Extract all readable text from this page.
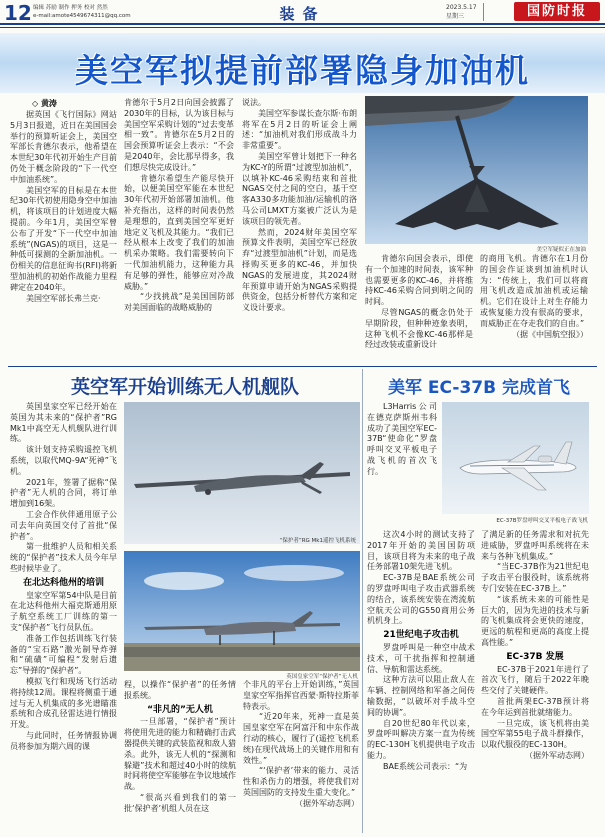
12 编辑 苏励 制作 押务 校对 然然
e-mail:amote4549674311@qq.com	装备	2023.5.17
星期三	国防时报
美空军拟提前部署隐身加油机
◇ 黄涛

据英国《飞行国际》网站5月3日报道，近日在美国国会举行的预算听证会上，美国空军部长肯德尔表示，他希望在本世纪30年代初开始生产目前仍处于概念阶段的“下一代空中加油系统”。

美国空军的目标是在本世纪30年代初使用隐身空中加油机，将该项目的计划进度大幅提前。今年1月，美国空军曾公布了开发“下一代空中加油系统”(NGAS)的项目，这是一种低可探测的全新加油机。一份相关的信息征询书(RFI)将新型加油机的初始作战能力里程碑定在2040年。

美国空军部长弗兰克·

肯德尔于5月2日向国会披露了2030年的目标，认为该目标与美国空军采购计划的“过去变革相一致”。肯德尔在5月2日的国会预算听证会上表示：“不会是2040年，会比那早得多，我们想尽快完成设计。”

肯德尔希望生产能尽快开始，以便美国空军能在本世纪30年代初开始部署加油机。他补充指出，这样的时间表仍然是理想的，直到美国空军更好地定义飞机及其能力。“我们已经从根本上改变了我们的加油机采办策略。我们需要转向下一代加油机能力，这种能力具有足够的弹性，能够应对冷战威胁。”

“少找挑战”是美国国防部对美国面临的战略威胁的

说法。

美国空军参谋长查尔斯·布朗将军在5月2日的听证会上阐述：“加油机对我们形成战斗力非常重要”。

美国空军曾计划把下一种名为KC-Y的所谓“过渡型加油机”，以填补KC-46采购结束和首批NGAS交付之间的空白，基于空客A330多功能加油/运输机的洛马公司LMXT方案被广泛认为是该项目的领先者。

然而，2024财年美国空军预算文件表明，美国空军已经放弃“过渡型加油机”计划，而是选择购买更多的KC-46，并加快NGAS的发展进度，其2024财年预算申请开始为NGAS采购提供资金，包括分析替代方案和定义设计要求。

美空军疑似正在加油

肯德尔向国会表示，即使有一个加速的时间表，该军种也需要更多的KC-46，并将维持KC-46采购合同到明之间的时间。

尽管NGAS的概念仍处于早期阶段，但种种迹象表明，这种飞机不会像KC-46那样是经过改装或重新设计

的商用飞机。肯德尔在1月份的国会作证谈到加油机时认为：“传统上，我们可以将商用飞机改造成加油机或运输机。它们在设计上对生存能力或恢复能力没有很高的要求，而威胁正在夺走我们的自由。”

（据《中国航空报》）

英空军开始训练无人机舰队

英国皇家空军已经开始在英国为其未来的“保护者”RG Mk1中高空无人机舰队进行训练。

该计划支持采购遥控飞机系统，以取代MQ-9A“死神”飞机。

2021年，签署了据称“保护者”无人机的合同，将订单增加到16架。

工会合作伙伴通用原子公司去年向英国交付了首批“保护者”。

第一批维护人员和相关系统的“保护者”技术人员今年早些时候毕业了。

在北达科他州的培训

皇家空军第54中队是目前在北达科他州大福克斯通用原子航空系统工厂训练的第一支“保护者”飞行员队伍。

准备工作包括训练飞行装备的“宝石路”激光制导炸弹和“硫磺”可编程“发射后遗忘”导弹的“保护者”。

模拟飞行和现场飞行活动将持续12周。课程将侧重于通过与无人机集成的多光谱瞄准系统和合成孔径雷达进行情报开发。

与此同时，任务情报协调员将参加为期六周的课

“保护者”RG Mk1遥控飞机系统
英国皇家空军“保护者”无人机

程，以操作“保护者”的任务情报系统。

“非凡的”无人机

一旦部署，“保护者”预计将使用先进的能力和精确打击武器提供关键的武装监视和敌人猎杀。此外，该无人机的“探测和躲避”技术和超过40小时的续航时间将使空军能够在争议地域作战。

“很高兴看到我们的第一批‘保护者’机组人员在这

个非凡的平台上开始训练，”英国皇家空军指挥官西蒙·斯特拉斯菲特表示。

“近20年来，死神一直是英国皇家空军在阿富汗和中东作战行动的核心，履行了(遥控飞机系统)在现代战场上的关键作用和有效性。”

“‘保护者’带来的能力、灵活性和杀伤力的增强，将使我们对英国国防的支持发生重大变化。”

（据外军动态网）

美军 EC-37B 完成首飞

L3Harris公司在德克萨斯州韦科成功了美国空军EC-37B“使命化”罗盘呼叫交叉平板电子战飞机的首次飞行。

EC-37B罗盘呼叫交叉平板电子战飞机

这次4小时的测试支持了2017年开始的美国国防项目，该项目将为未来的电子战任务部署10架先进飞机。

EC-37B是BAE系统公司的罗盘呼叫电子攻击武器系统的结合，该系统安装在湾流航空航天公司的G550商用公务机机身上。

21世纪电子攻击机

罗盘呼叫是一种空中战术技术，可干扰指挥和控制通信、导航和雷达系统。

这种方法可以阻止敌人在车辆、控制网络和军备之间传输数据，“以破坏对手战斗空间的协调”。

自20世纪80年代以来，罗盘呼叫解决方案一直为传统的EC-130H飞机提供电子攻击能力。

BAE系统公司表示：“为

了满足新的任务需求和对抗先进威胁，罗盘呼叫系统将在未来与各种飞机集成。”

“当EC-37B作为21世纪电子攻击平台服役时，该系统将专门安装在EC-37B上。”

“该系统未来的可能性是巨大的，因为先进的技术与新的飞机集成将会更快的速度，更远的航程和更高的高度上提高性能。”

EC-37B 发展

EC-37B于2021年进行了首次飞行，随后于2022年晚些交付了关键硬件。

首批两架EC-37B预计将在今年运到首批就绪能力。

一旦完成，该飞机将由美国空军第55电子战斗群操作，以取代服役的EC-130H。

（据外军动态网）
